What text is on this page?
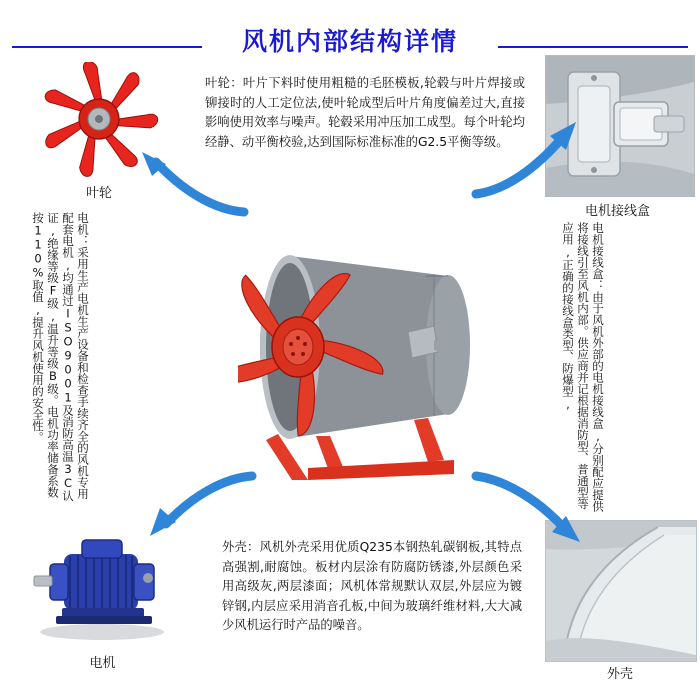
风机内部结构详情
叶轮
电机接线盒
外壳
电机
叶轮：叶片下料时使用粗糙的毛胚模板,轮毂与叶片焊接或铆接时的人工定位法,使叶轮成型后叶片角度偏差过大,直接影响使用效率与噪声。轮毂采用冲压加工成型。每个叶轮均经静、动平衡校验,达到国际标准标准的G2.5平衡等级。
外壳：风机外壳采用优质Q235本钢热轧碳钢板,其特点高强割,耐腐蚀。板材内层涂有防腐防锈漆,外层颜色采用高级灰,两层漆面；风机体常规默认双层,外层应为镀锌钢,内层应采用消音孔板,中间为玻璃纤维材料,大大减少风机运行时产品的噪音。
电机：采用生产电机生产设备和检查手续齐全的风机专用配套电机,均通过ISO9001及消防高温3C认证,绝缘等级F级,温升等级B级。电机功率储备系数按110%取值,提升风机使用的安全性。	电机接线盒：由于风机外部的电机接线盒,分别配应提供将接线引至风机内部。供应商并记根据消防型、普通型等应用,正确的接线盒类型、防爆型,
